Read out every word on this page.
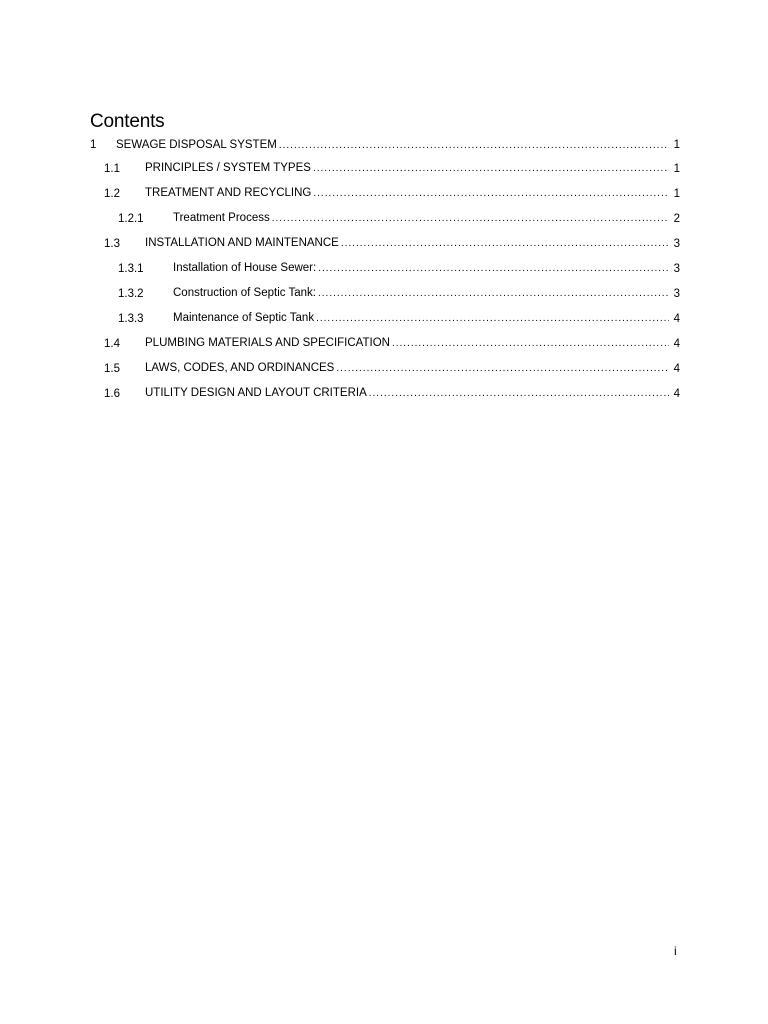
Contents
1	SEWAGE DISPOSAL SYSTEM .....	1
1.1	PRINCIPLES / SYSTEM TYPES .....	1
1.2	TREATMENT AND RECYCLING .....	1
1.2.1	Treatment Process .....	2
1.3	INSTALLATION AND MAINTENANCE .....	3
1.3.1	Installation of House Sewer: .....	3
1.3.2	Construction of Septic Tank: .....	3
1.3.3	Maintenance of Septic Tank .....	4
1.4	PLUMBING MATERIALS AND SPECIFICATION .....	4
1.5	LAWS, CODES, AND ORDINANCES .....	4
1.6	UTILITY DESIGN AND LAYOUT CRITERIA .....	4
i
